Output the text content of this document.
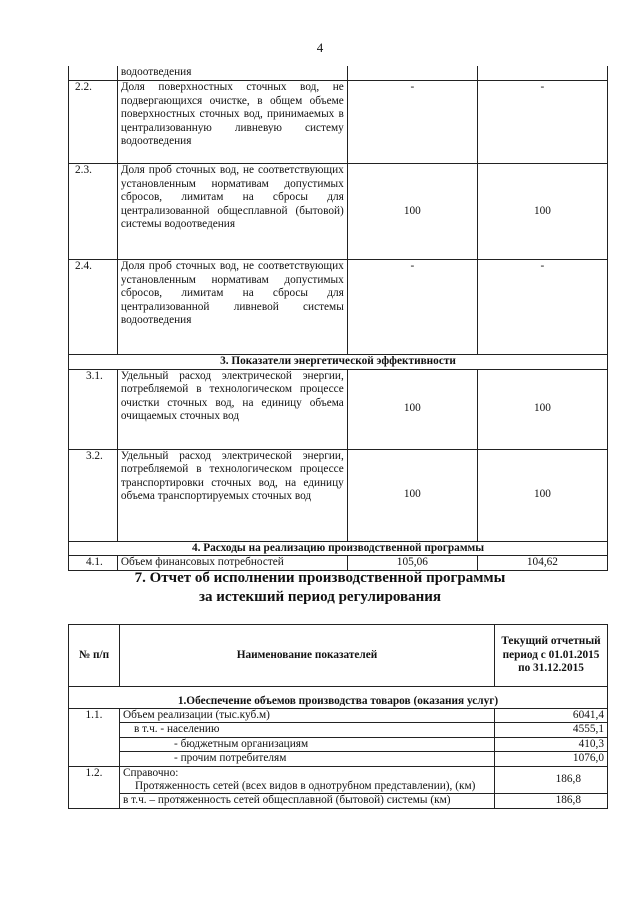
4
	водоотведения		
2.2.	Доля поверхностных сточных вод, не подвергающихся очистке, в общем объеме поверхностных сточных вод, принимаемых в централизованную ливневую систему водоотведения	-	-
2.3.	Доля проб сточных вод, не соответствующих установленным нормативам допустимых сбросов, лимитам на сбросы для централизованной общесплавной (бытовой) системы водоотведения	100	100
2.4.	Доля проб сточных вод, не соответствующих установленным нормативам допустимых сбросов, лимитам на сбросы для централизованной ливневой системы водоотведения	-	-
3. Показатели энергетической эффективности			
3.1.	Удельный расход электрической энергии, потребляемой в технологическом процессе очистки сточных вод, на единицу объема очищаемых сточных вод	100	100
3.2.	Удельный расход электрической энергии, потребляемой в технологическом процессе транспортировки сточных вод, на единицу объема транспортируемых сточных вод	100	100
4. Расходы на реализацию производственной программы			
4.1.	Объем финансовых потребностей	105,06	104,62
7. Отчет об исполнении производственной программы
за истекший период регулирования
№ п/п	Наименование показателей	Текущий отчетный период с 01.01.2015 по 31.12.2015
1.Обеспечение объемов производства товаров (оказания услуг)		
1.1.	Объем реализации (тыс.куб.м)	6041,4
	в т.ч. - населению	4555,1
	- бюджетным организациям	410,3
	- прочим потребителям	1076,0
1.2.	Справочно:
Протяженность сетей (всех видов в однотрубном представлении), (км)	186,8
	в т.ч. – протяженность сетей общесплавной (бытовой) системы (км)	186,8
